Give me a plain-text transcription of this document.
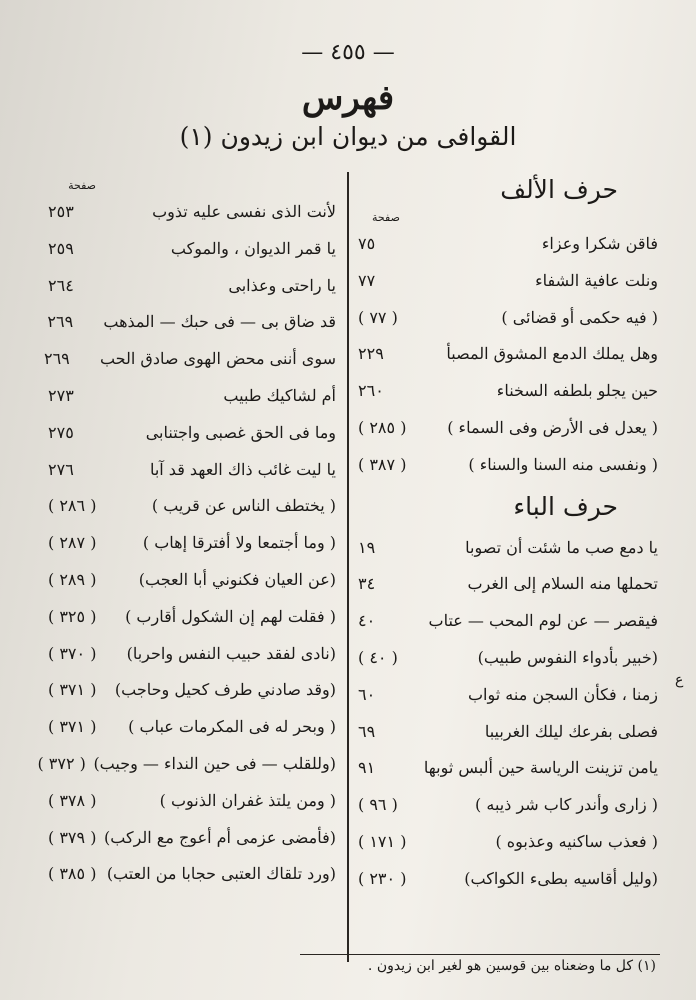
— ٤٥٥ —
فهرس
القوافى من ديوان ابن زيدون (١)
حرف الألف
صفحة
فاقن شكرا وعزاء
٧٥
ونلت عافية الشفاء
٧٧
( فيه حكمى أو قضائى )
( ٧٧ )
وهل يملك الدمع المشوق المصبأ
٢٢٩
حين يجلو بلطفه السخناء
٢٦٠
( يعدل فى الأرض وفى السماء )
( ٢٨٥ )
( ونفسى منه السنا والسناء )
( ٣٨٧ )
حرف الباء
يا دمع صب ما شئت أن تصوبا
١٩
تحملها منه السلام إلى الغرب
٣٤
فيقصر — عن لوم المحب — عتاب
٤٠
(خبير بأدواء النفوس طبيب)
( ٤٠ )
زمنا ، فكأن السجن منه ثواب
٦٠
فصلى بفرعك ليلك الغربيبا
٦٩
يامن تزينت الرياسة حين ألبس ثوبها
٩١
( زارى وأندر كاب شر ذيبه )
( ٩٦ )
( فعذب ساكنيه وعذبوه )
( ١٧١ )
(وليل أقاسيه بطىء الكواكب)
( ٢٣٠ )
صفحة
لأنت الذى نفسى عليه تذوب
٢٥٣
يا قمر الديوان ، والموكب
٢٥٩
يا راحتى وعذابى
٢٦٤
قد ضاق بى — فى حبك — المذهب
٢٦٩
سوى أننى محض الهوى صادق الحب
٢٦٩
أم لشاكيك طبيب
٢٧٣
وما فى الحق غصبى واجتنابى
٢٧٥
يا ليت غائب ذاك العهد قد آبا
٢٧٦
( يختطف الناس عن قريب )
( ٢٨٦ )
( وما أجتمعا ولا أفترقا إهاب )
( ٢٨٧ )
(عن العيان فكنوني أبا العجب)
( ٢٨٩ )
( فقلت لهم إن الشكول أقارب )
( ٣٢٥ )
(نادى لفقد حبيب النفس واحربا)
( ٣٧٠ )
(وقد صادني طرف كحيل وحاجب)
( ٣٧١ )
( وبحر له فى المكرمات عباب )
( ٣٧١ )
(وللقلب — فى حين النداء — وجيب)
( ٣٧٢ )
( ومن يلتذ غفران الذنوب )
( ٣٧٨ )
(فأمضى عزمى أم أعوج مع الركب)
( ٣٧٩ )
(ورد تلقاك العتبى حجابا من العتب)
( ٣٨٥ )
(١) كل ما وضعناه بين قوسين هو لغير ابن زيدون .
ع
